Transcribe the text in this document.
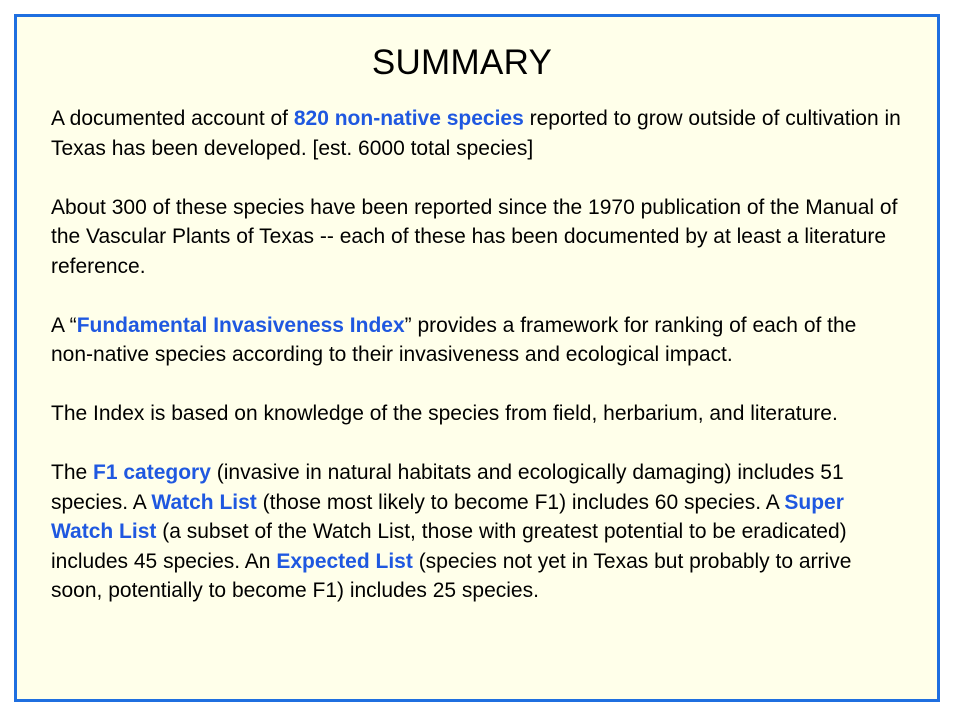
SUMMARY

A documented account of 820 non-native species reported to grow outside of cultivation in Texas has been developed. [est. 6000 total species]

About 300 of these species have been reported since the 1970 publication of the Manual of the Vascular Plants of Texas -- each of these has been documented by at least a literature reference.

A “Fundamental Invasiveness Index” provides a framework for ranking of each of the non-native species according to their invasiveness and ecological impact.

The Index is based on knowledge of the species from field, herbarium, and literature.

The F1 category (invasive in natural habitats and ecologically damaging) includes 51 species. A Watch List (those most likely to become F1) includes 60 species. A Super Watch List (a subset of the Watch List, those with greatest potential to be eradicated) includes 45 species. An Expected List (species not yet in Texas but probably to arrive soon, potentially to become F1) includes 25 species.
